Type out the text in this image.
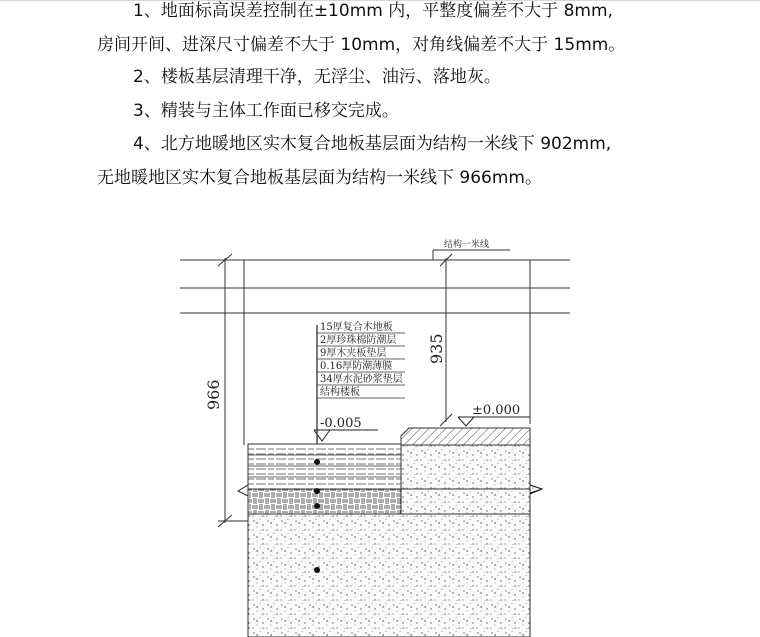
1、地面标高误差控制在±10mm 内，平整度偏差不大于 8mm,
房间开间、进深尺寸偏差不大于 10mm，对角线偏差不大于 15mm。
2、楼板基层清理干净，无浮尘、油污、落地灰。
3、精装与主体工作面已移交完成。
4、北方地暖地区实木复合地板基层面为结构一米线下 902mm,
无地暖地区实木复合地板基层面为结构一米线下 966mm。
结构一米线
966
935
15厚复合木地板
2厚珍珠棉防潮层
9厚木夹板垫层
0.16厚防潮薄膜
34厚水泥砂浆垫层
结构楼板
-0.005
±0.000
